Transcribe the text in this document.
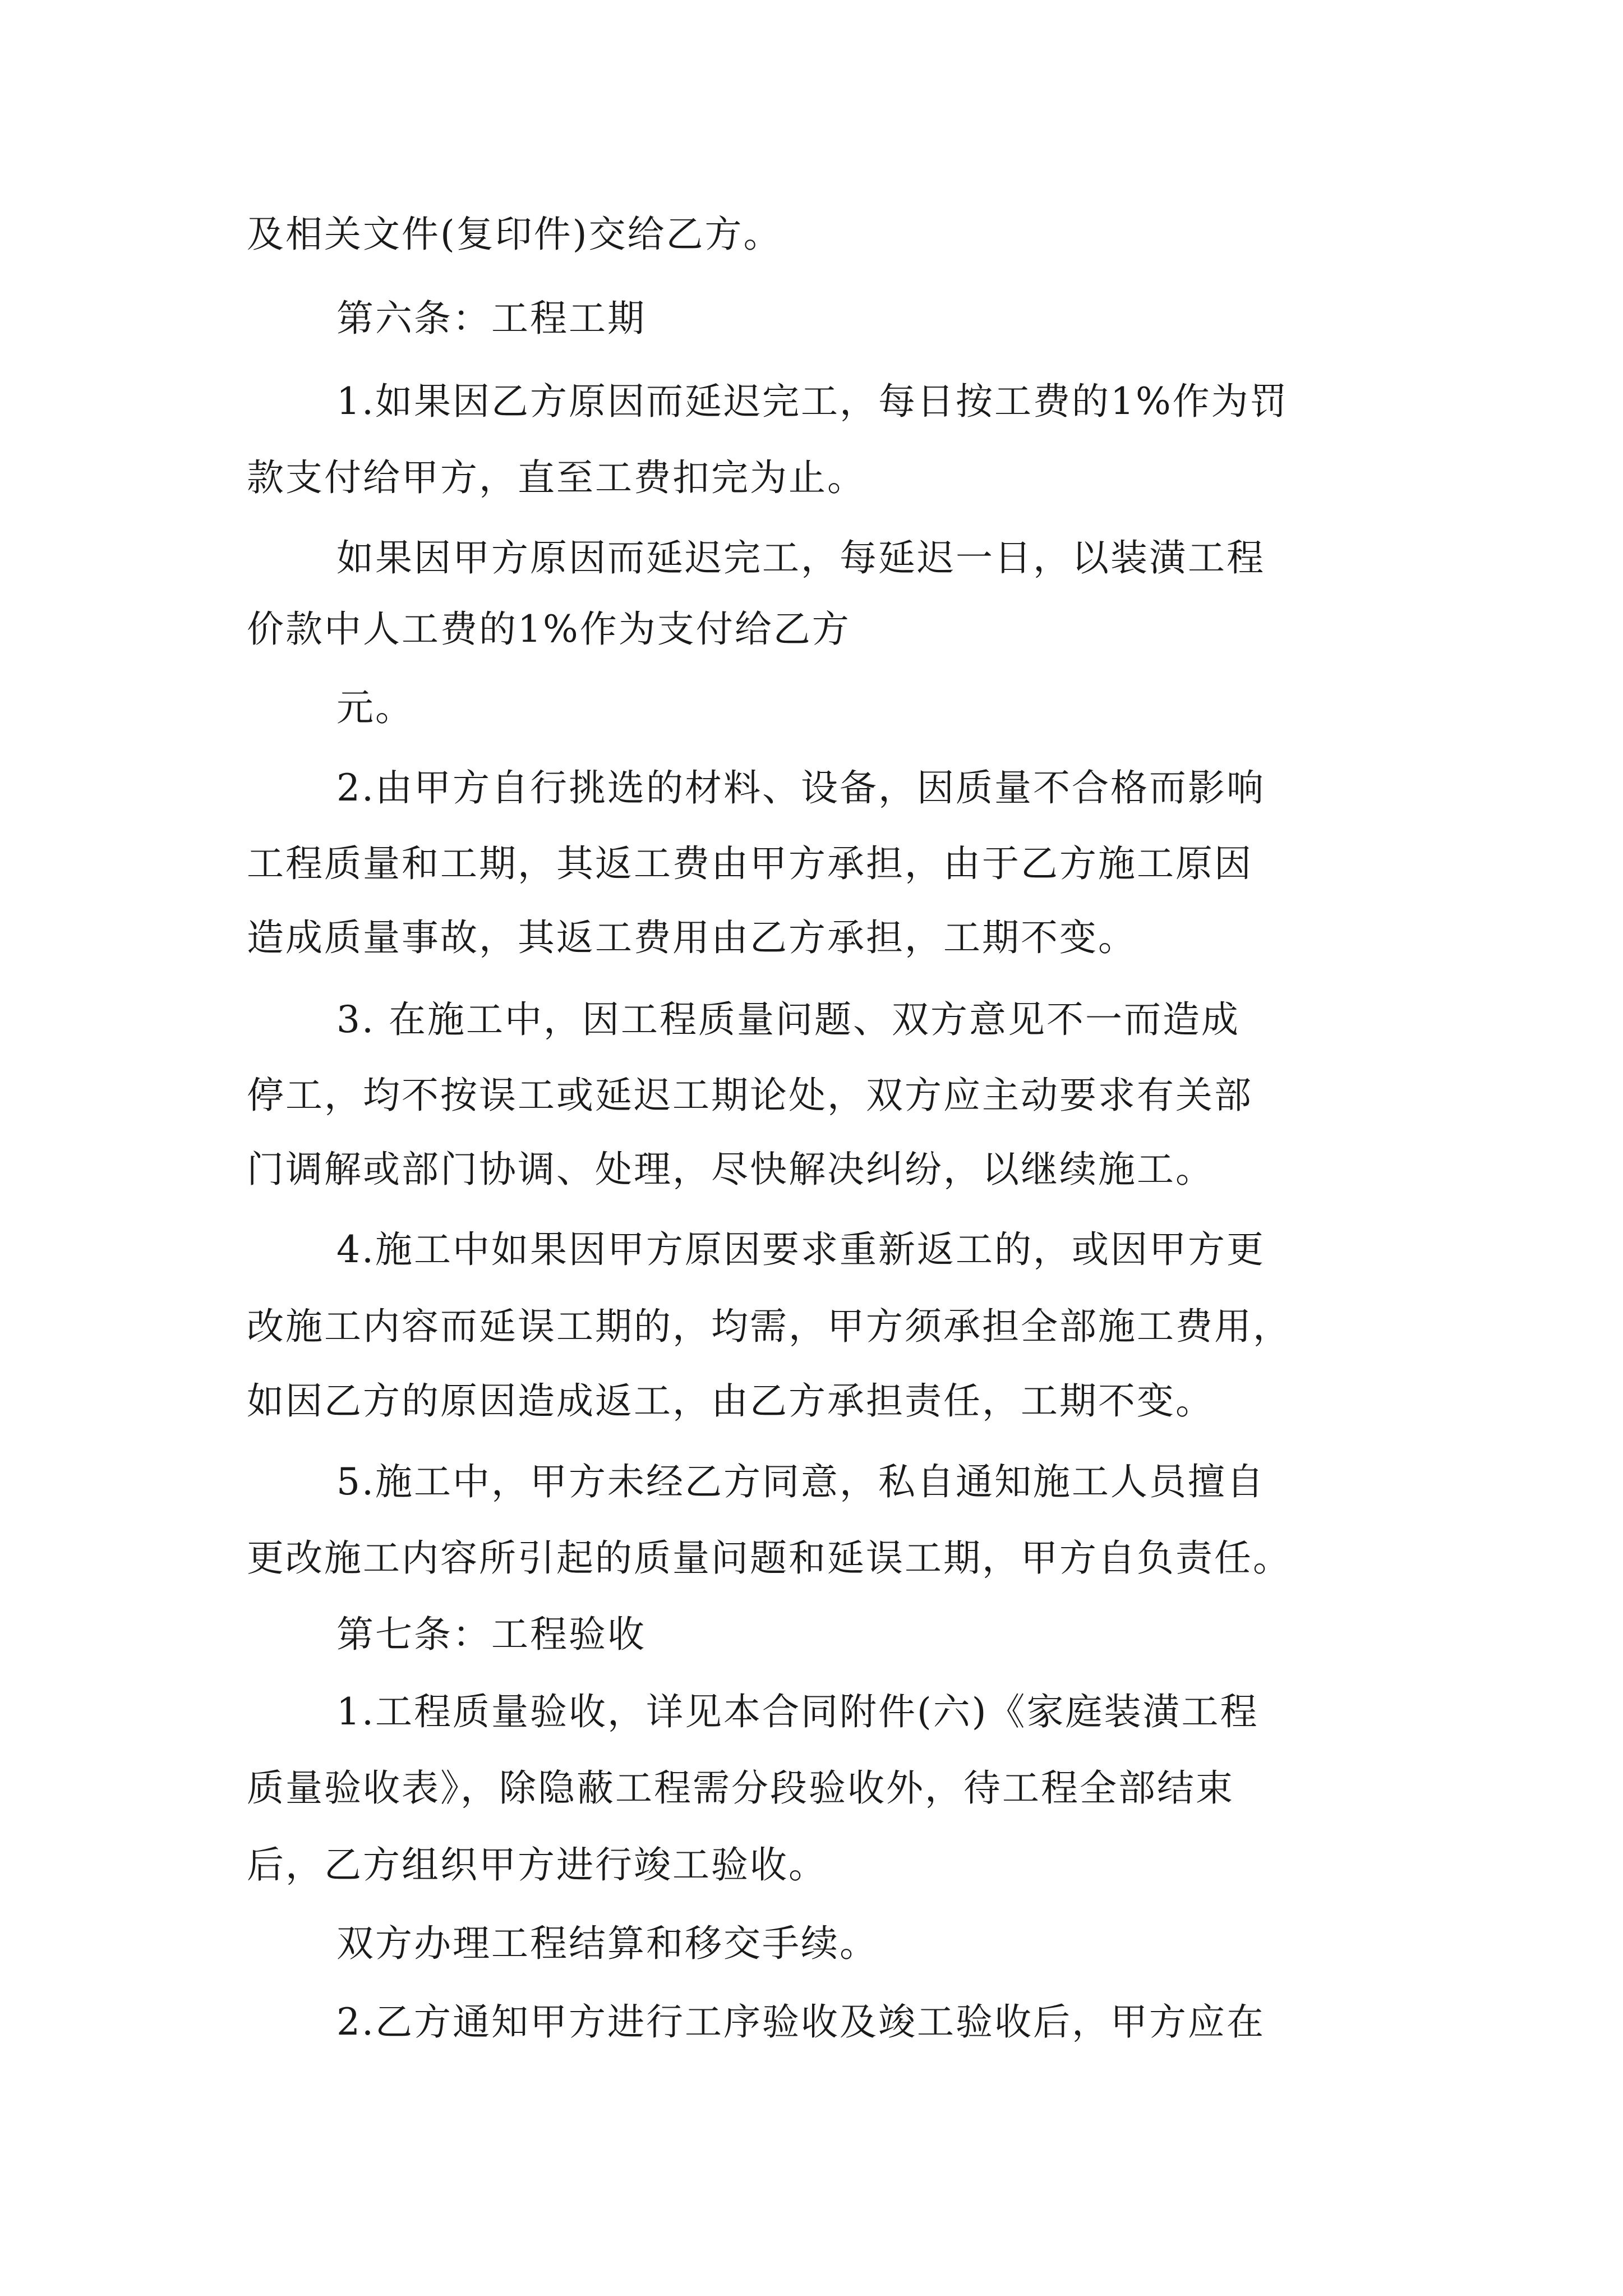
及相关文件(复印件)交给乙方。
第六条：工程工期
1.如果因乙方原因而延迟完工，每日按工费的1%作为罚
款支付给甲方，直至工费扣完为止。
如果因甲方原因而延迟完工，每延迟一日，以装潢工程
价款中人工费的1%作为支付给乙方
元。
2.由甲方自行挑选的材料、设备，因质量不合格而影响
工程质量和工期，其返工费由甲方承担，由于乙方施工原因
造成质量事故，其返工费用由乙方承担，工期不变。
3. 在施工中，因工程质量问题、双方意见不一而造成
停工，均不按误工或延迟工期论处，双方应主动要求有关部
门调解或部门协调、处理，尽快解决纠纷，以继续施工。
4.施工中如果因甲方原因要求重新返工的，或因甲方更
改施工内容而延误工期的，均需，甲方须承担全部施工费用，
如因乙方的原因造成返工，由乙方承担责任，工期不变。
5.施工中，甲方未经乙方同意，私自通知施工人员擅自
更改施工内容所引起的质量问题和延误工期，甲方自负责任。
第七条：工程验收
1.工程质量验收，详见本合同附件(六)《家庭装潢工程
质量验收表》，除隐蔽工程需分段验收外，待工程全部结束
后，乙方组织甲方进行竣工验收。
双方办理工程结算和移交手续。
2.乙方通知甲方进行工序验收及竣工验收后，甲方应在
